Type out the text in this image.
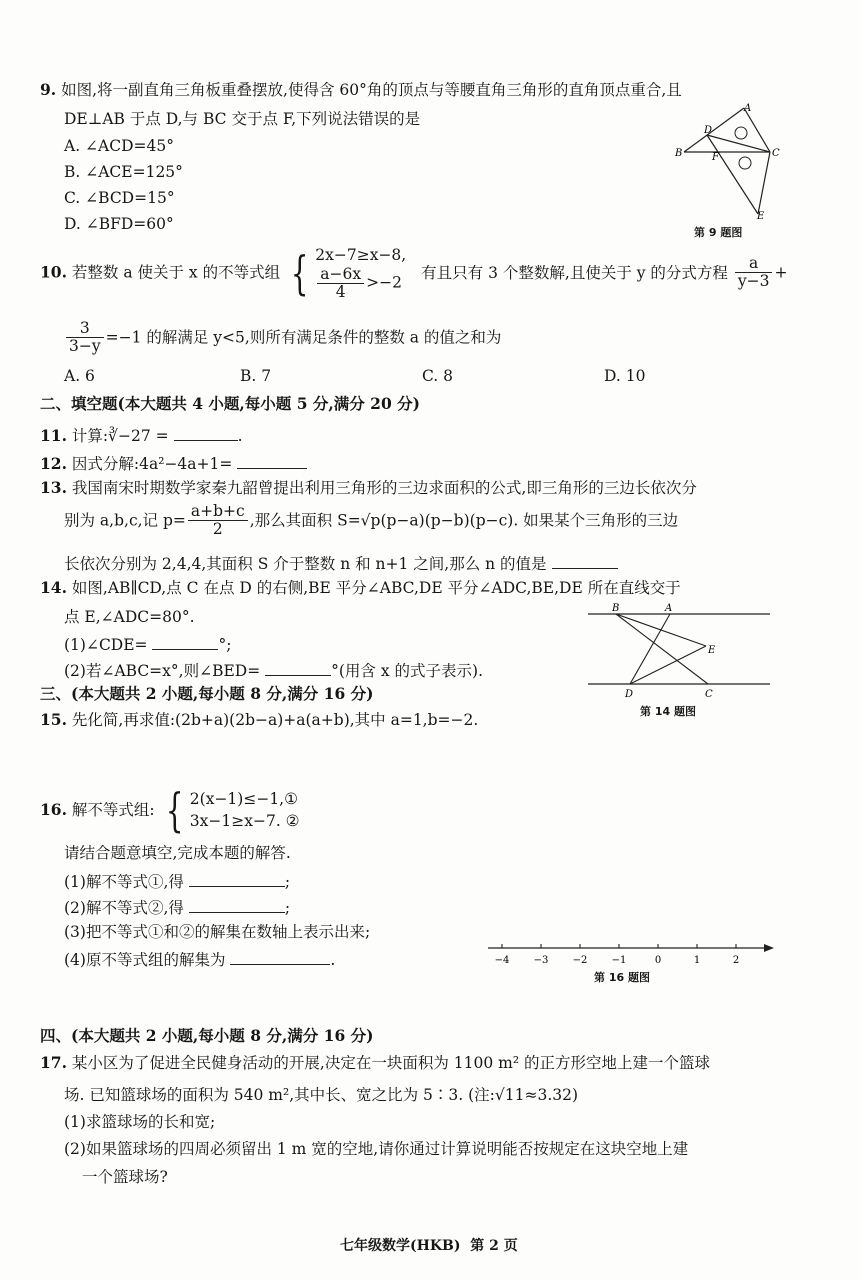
9. 如图,将一副直角三角板重叠摆放,使得含 60°角的顶点与等腰直角三角形的直角顶点重合,且
DE⊥AB 于点 D,与 BC 交于点 F,下列说法错误的是
A. ∠ACD=45°
B. ∠ACE=125°
C. ∠BCD=15°
D. ∠BFD=60°
A
D
B	F	C
E
第 9 题图
10. 若整数 a 使关于 x 的不等式组 { 2x−7≥x−8,
$\frac{a-6x}{4} >-2$
有且只有 3 个整数解,且使关于 y 的分式方程 $\frac{a}{y-3}$ +
$\frac{3}{3-y} =-1$ 的解满足 y<5,则所有满足条件的整数 a 的值之和为
A. 6	B. 7	C. 8	D. 10
二、填空题(本大题共 4 小题,每小题 5 分,满分 20 分)
11. 计算:∛−27 =	.
12. 因式分解:4a²−4a+1=
13. 我国南宋时期数学家秦九韶曾提出利用三角形的三边求面积的公式,即三角形的三边长依次分
别为 a,b,c,记 $p= \frac{a+b+c}{2}$ ,那么其面积 S=√p(p−a)(p−b)(p−c). 如果某个三角形的三边
长依次分别为 2,4,4,其面积 S 介于整数 n 和 n+1 之间,那么 n 的值是
14. 如图,AB∥CD,点 C 在点 D 的右侧,BE 平分∠ABC,DE 平分∠ADC,BE,DE 所在直线交于
点 E,∠ADC=80°.
(1)∠CDE=	°;
(2)若∠ABC=x°,则∠BED=	°(用含 x 的式子表示).
B	A
E
D	C
第 14 题图
三、(本大题共 2 小题,每小题 8 分,满分 16 分)
15. 先化简,再求值:(2b+a)(2b−a)+a(a+b),其中 a=1,b=−2.
16. 解不等式组: { 2(x−1)≤−1,①
3x−1≥x−7. ②
请结合题意填空,完成本题的解答.
(1)解不等式①,得	;
(2)解不等式②,得	;
(3)把不等式①和②的解集在数轴上表示出来;
(4)原不等式组的解集为	.	−4 −3 −2 −1	0	1	2
第 16 题图
四、(本大题共 2 小题,每小题 8 分,满分 16 分)
17. 某小区为了促进全民健身活动的开展,决定在一块面积为 1100 m² 的正方形空地上建一个篮球
场. 已知篮球场的面积为 540 m²,其中长、宽之比为 5∶3. (注:√11≈3.32)
(1)求篮球场的长和宽;
(2)如果篮球场的四周必须留出 1 m 宽的空地,请你通过计算说明能否按规定在这块空地上建
一个篮球场?
七年级数学(HKB)  第 2 页
